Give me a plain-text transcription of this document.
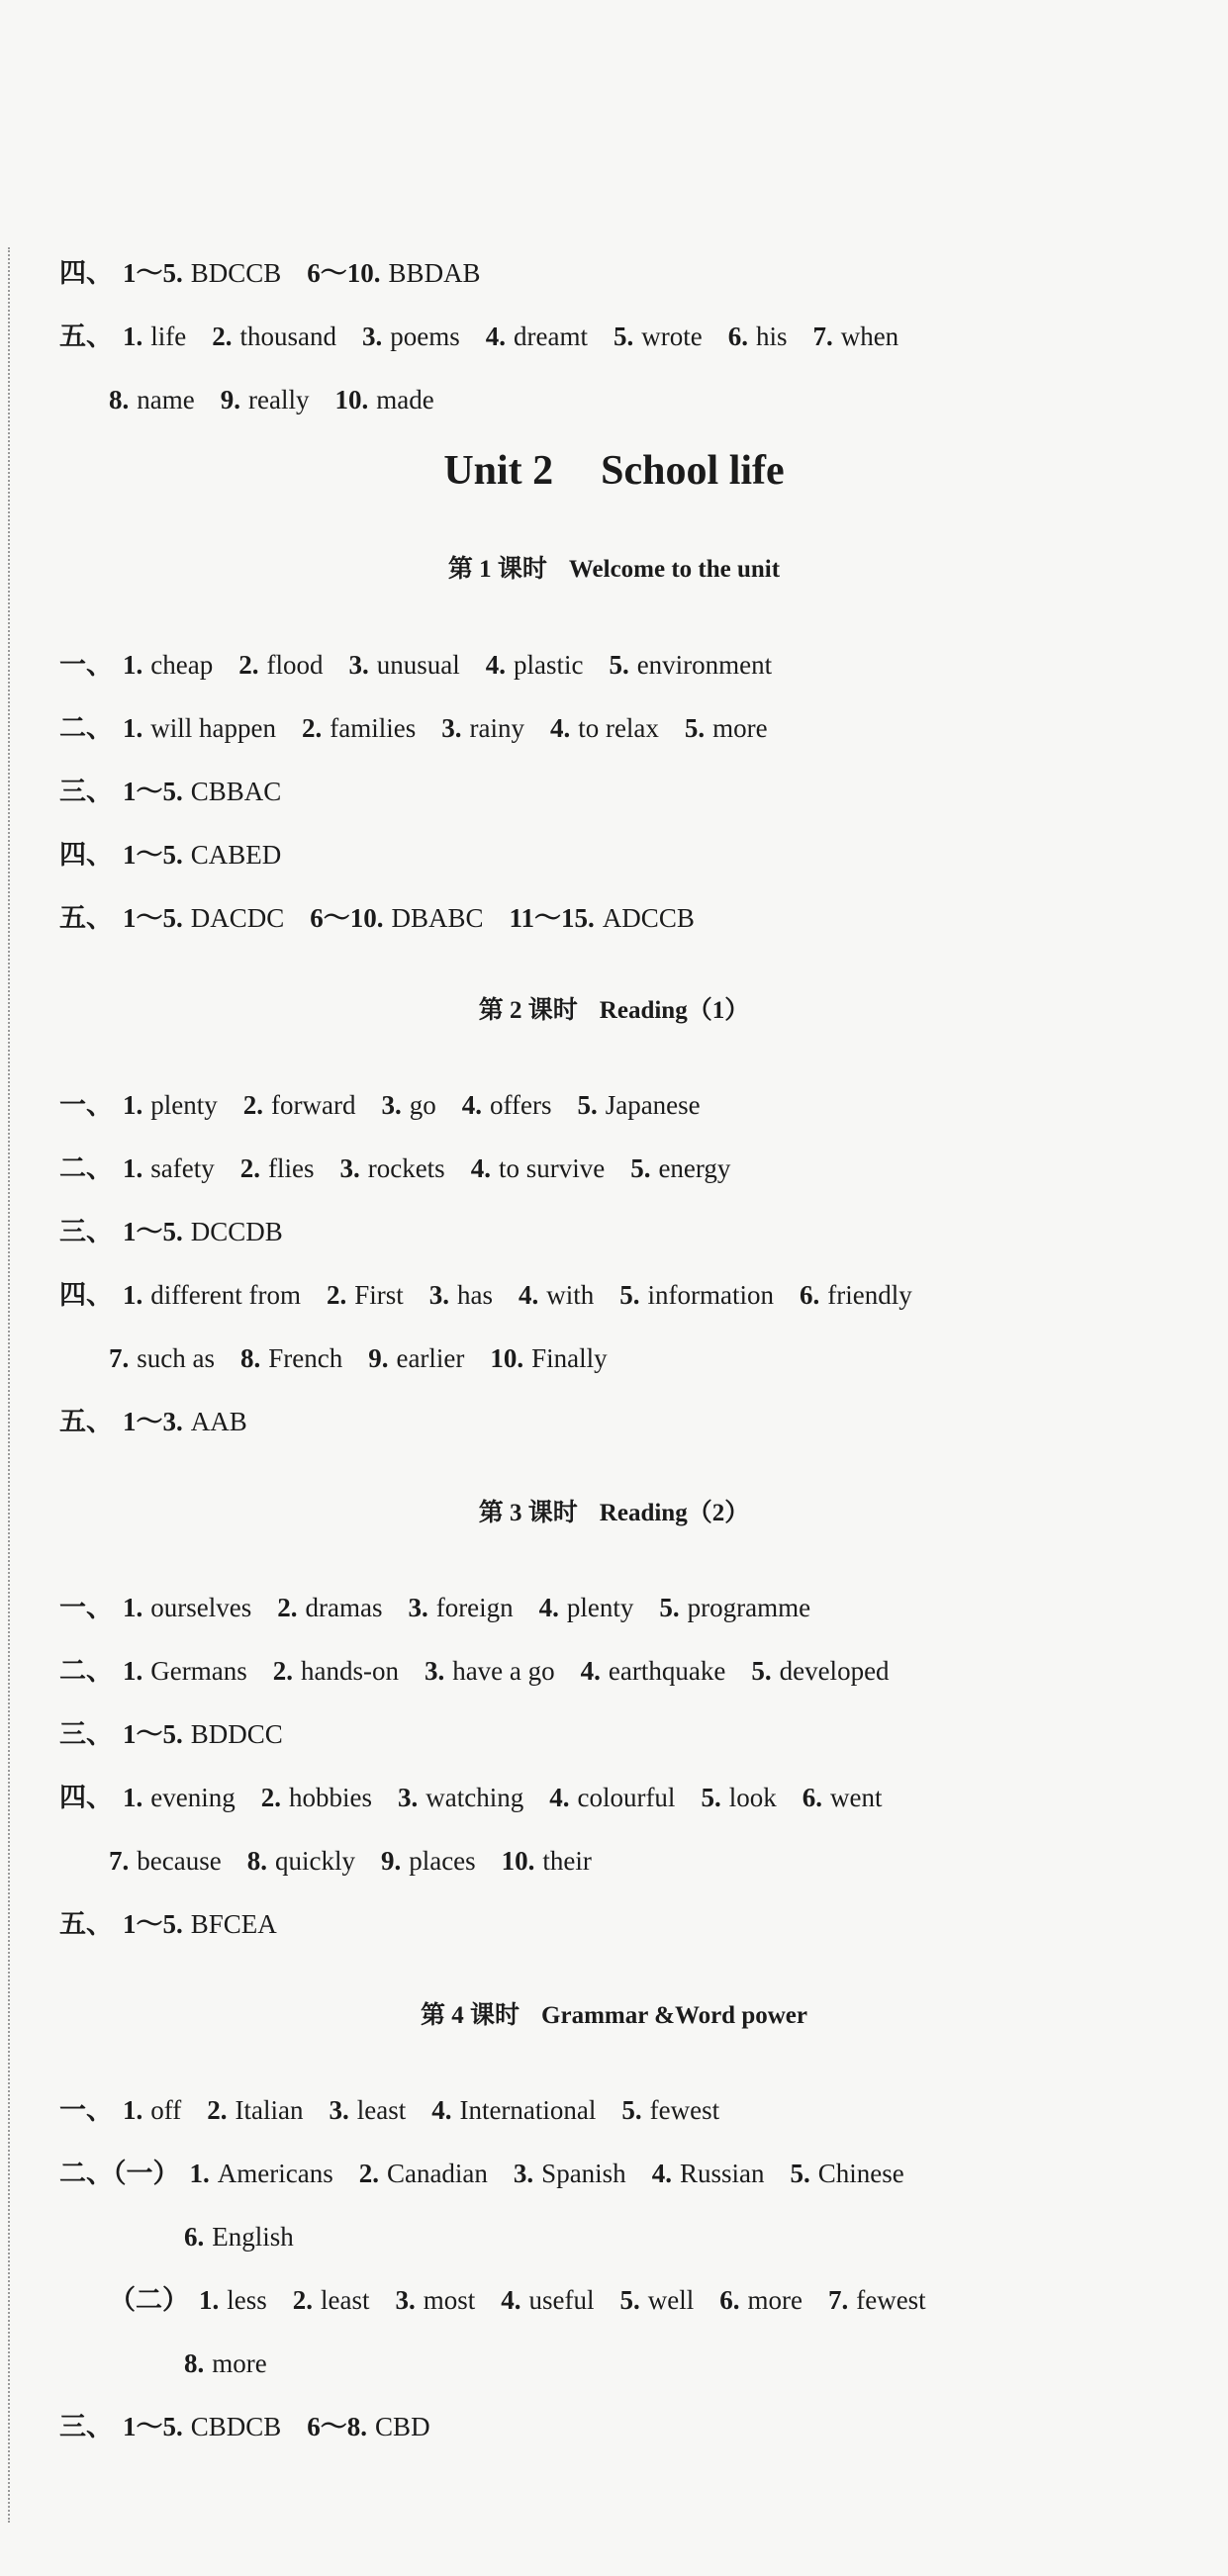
Unit 2 School life
四、 1～5. BDCCB 6～10. BBDAB
五、 1. life 2. thousand 3. poems 4. dreamt 5. wrote 6. his 7. when
8. name 9. really 10. made
第 1 课时 Welcome to the unit
一、 1. cheap 2. flood 3. unusual 4. plastic 5. environment
二、 1. will happen 2. families 3. rainy 4. to relax 5. more
三、 1～5. CBBAC
四、 1～5. CABED
五、 1～5. DACDC 6～10. DBABC 11～15. ADCCB
第 2 课时 Reading（1）
一、 1. plenty 2. forward 3. go 4. offers 5. Japanese
二、 1. safety 2. flies 3. rockets 4. to survive 5. energy
三、 1～5. DCCDB
四、 1. different from 2. First 3. has 4. with 5. information 6. friendly
7. such as 8. French 9. earlier 10. Finally
五、 1～3. AAB
第 3 课时 Reading（2）
一、 1. ourselves 2. dramas 3. foreign 4. plenty 5. programme
二、 1. Germans 2. hands-on 3. have a go 4. earthquake 5. developed
三、 1～5. BDDCC
四、 1. evening 2. hobbies 3. watching 4. colourful 5. look 6. went
7. because 8. quickly 9. places 10. their
五、 1～5. BFCEA
第 4 课时 Grammar &Word power
一、 1. off 2. Italian 3. least 4. International 5. fewest
二、（一） 1. Americans 2. Canadian 3. Spanish 4. Russian 5. Chinese
6. English
（二） 1. less 2. least 3. most 4. useful 5. well 6. more 7. fewest
8. more
三、 1～5. CBDCB 6～8. CBD
